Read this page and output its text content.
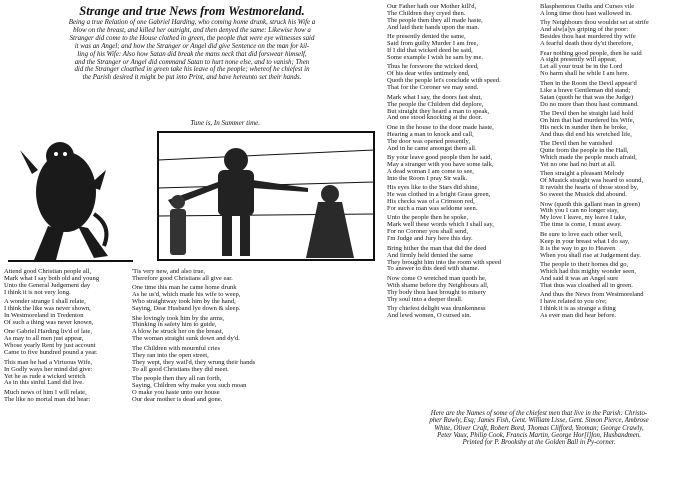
Strange and true News from Westmoreland.
Being a true Relation of one Gabriel Harding, who coming home drunk, struck his Wife a
blow on the breast, and killed her outright, and then denyed the same: Likewise how a
Stranger did come to the House clothed in green, the people that were eye witnesses said
it was an Angel; and how the Stranger or Angel did give Sentence on the man for kil-
ling of his Wife: Also how Satan did break the mans neck that did forswear himself,
and the Stranger or Angel did command Satan to hurt none else, and to vanish; Then
did the Stranger cloathed in green take his leave of the people; whereof he chiefest in
the Parish desired it might be put into Print, and have hereunto set their hands.
Tune is, In Summer time.
Attend good Christian people all,
Mark what I say both old and young
Unto the General Judgement day
I think it is not very long.
A wonder strange I shall relate,
I think the like was never shown,
In Westmoreland in Tredenton
Of such a thing was never known,
One Gabriel Harding liv'd of late,
As may to all men just appear,
Whose yearly Rent by just account
Came to five hundred pound a year.
This man he had a Virtuous Wife,
In Godly ways her mind did give:
Yet he as rude a wicked wretch
As in this sinful Land did live.
Much news of him I will relate,
The like no mortal man did hear:
'Tis very new, and also true,
Therefore good Christians all give ear.
One time this man he came home drunk
As he us'd, which made his wife to weep,
Who straightway took him by the hand,
Saying, Dear Husband lye down & sleep.
She lovingly took him by the arms,
Thinking in safety him to guide,
A blow he struck her on the breast,
The woman straight sunk down and dy'd.
The Children with mournful cries
They ran into the open street,
They wept, they wail'd, they wrung their hands
To all good Christians they did meet.
The people then they all ran forth,
Saying, Children why make you such moan
O make you haste unto our house
Our dear mother is dead and gone.
Our Father hath our Mother kill'd,
The Children they cryed then.
The people then they all made haste,
And laid their hands upon the man.
He presently denied the same,
Said from guilty Murder I am free,
If I did that wicked deed he said,
Some example I wish he sam by me.
Thus he forswore the wicked deed,
Of his dear wifes untimely end,
Quoth the people let's conclude with speed.
That for the Coroner we may send.
Mark what I say, the doors fast shut,
The people the Children did deplore,
But straight they heard a man to speak,
And one stood knocking at the door.
One in the house to the door made haste,
Hearing a man to knock and call,
The door was opened presently,
And in he came amongst them all.
By your leave good people then he said,
May a stranger with you have some talk,
A dead woman I am come to see,
Into the Room I pray Sir walk.
His eyes like to the Stars did shine,
He was clothed in a bright Grass green,
His checks was of a Crimson red,
For such a man was seldome seen.
Unto the people then he spoke,
Mark well these words which I shall say,
For no Coroner you shall send,
I'm Judge and Jury here this day.
Bring hither the man that did the deed
And firmly held denied the same
They brought him into the room with speed
To answer to this deed with shame.
Now come O wretched man quoth he,
With shame before thy Neighbours all,
Thy body thou hast brought to misery
Thy soul into a deeper thrall.
Thy chiefest delight was drunkenness
And lewd women, O cursed sin.
Blasphemous Oaths and Curses vile
A long time thou hast wallowed in.
Thy Neighbours thou wouldst set at strife
And alw[a]ys griping of the poor:
Besides thou hast murdered thy wife
A fearful death thou dy'st therefore,
Fear nothing good people, then he said
A sight presently will appear,
Let all your trust be in the Lord
No harm shall he while I am here.
Then in the Room the Devil appear'd
Like a brave Gentleman did stand;
Satan (quoth he that was the Judge)
Do no more than thou hast command.
The Devil then he straight laid hold
On him that had murdered his Wife,
His neck in sunder then he broke,
And thus did end his wretched life,
The Devil then he vanished
Quite from the people in the Hall,
Which made the people much afraid,
Yet no one had no hurt at all.
Then straight a pleasant Melody
Of Musick straight was heard to sound,
It ravisht the hearts of those stood by,
So sweet the Musick did abound.
Now (quoth this gallant man in green)
With you I can no longer stay,
My love I leave, my leave I take,
The time is come, I must away.
Be sure to love each other well,
Keep in your breast what I do say,
It is the way to go to Heaven
When you shall rise at Judgement day.
The people to their homes did go,
Which had this mighty wonder seen,
And said it was an Angel sure
That thus was cloathed all in green.
And thus the News from Westmoreland
I have related to you o're;
I think it is as strange a thing
As ever man did hear before.
Here are the Names of some of the chiefest men that live in the Parish: Christo-
pher Rawly, Esq; James Fish, Gent. William Lisse, Gent. Simon Pierce, Ambrose
White, Oliver Craft, Robert Bord, Thomas Clifford, Yeoman; George Crawly,
Peter Vaux, Philip Cook, Francis Martin, George Hor[l]fon, Husbandmen.
Printed for P. Brooksby at the Golden Ball in Py-corner.
